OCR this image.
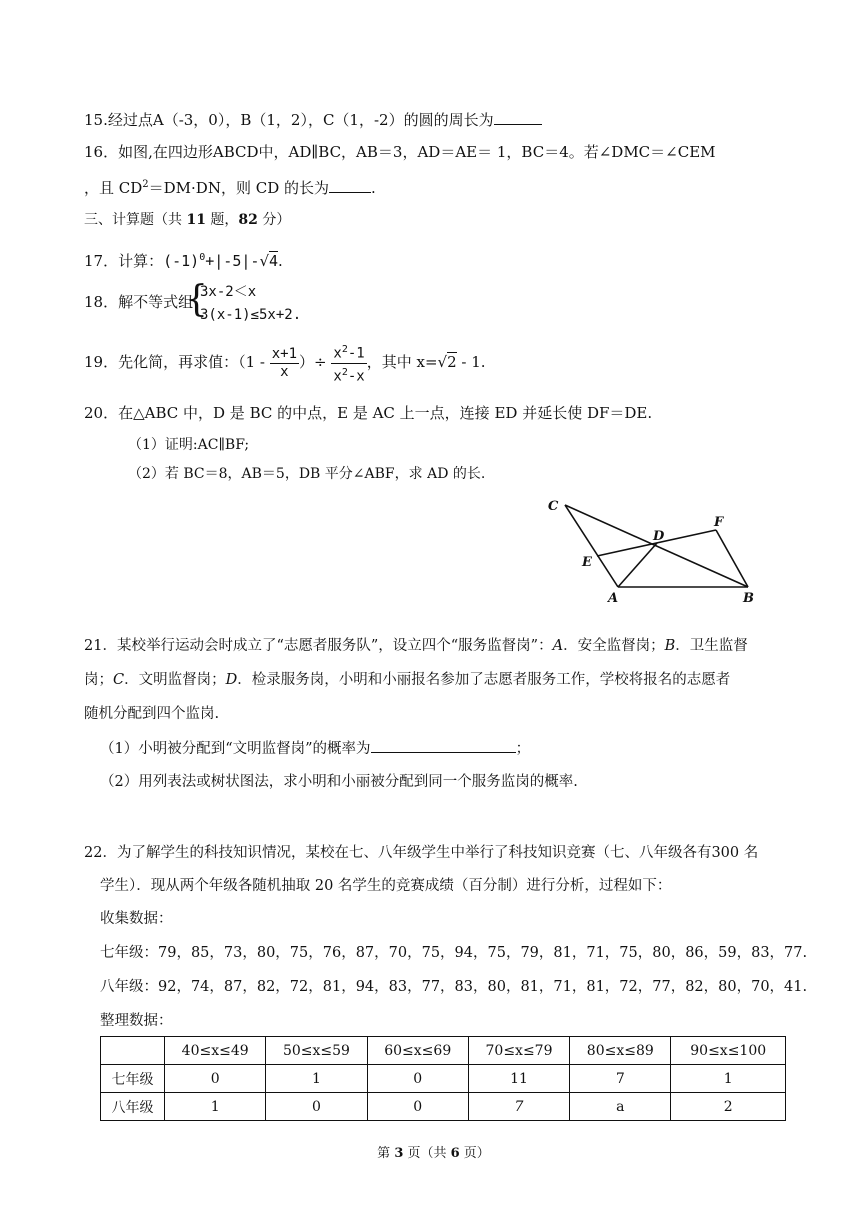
15.经过点A（-3，0），B（1，2），C（1，-2）的圆的周长为
16．如图,在四边形ABCD中，AD∥BC，AB＝3，AD＝AE＝ 1，BC＝4。若∠DMC＝∠CEM
，且 $CD^2=DM\cdot DN$，则 CD 的长为	.
三、计算题（共 11 题，82 分）
17．计算：$(-1)^0+|-5|-√4$.
18．解不等式组
{
3x-2＜x
3(x-1)≤5x+2.
19．先化简，再求值：（$1 - \frac{x+1}{x}$ ）÷ $\frac{x^2-1}{x^2-x}$ ，其中 x=√2 - 1.
20．在△ABC 中，D 是 BC 的中点，E 是 AC 上一点，连接 ED 并延长使 DF＝DE.
（1）证明:AC∥BF;
（2）若 BC＝8，AB＝5，DB 平分∠ABF，求 AD 的长.
C
D
F
E
A	B
21．某校举行运动会时成立了“志愿者服务队”，设立四个“服务监督岗”：A．安全监督岗；B．卫生监督
岗；C．文明监督岗；D．检录服务岗，小明和小丽报名参加了志愿者服务工作，学校将报名的志愿者
随机分配到四个监岗.
（1）小明被分配到“文明监督岗”的概率为	；
（2）用列表法或树状图法，求小明和小丽被分配到同一个服务监岗的概率.
22．为了解学生的科技知识情况，某校在七、八年级学生中举行了科技知识竞赛（七、八年级各有300 名
学生）．现从两个年级各随机抽取 20 名学生的竞赛成绩（百分制）进行分析，过程如下：
收集数据：
七年级：79，85，73，80，75，76，87，70，75，94，75，79，81，71，75，80，86，59，83，77.
八年级：92，74，87，82，72，81，94，83，77，83，80，81，71，81，72，77，82，80，70，41.
整理数据：
	40≤x≤49	50≤x≤59	60≤x≤69	70≤x≤79	80≤x≤89	90≤x≤100
七年级	0	1	0	11	7	1
八年级	1	0	0	7	a	2
第 3 页（共 6 页）
